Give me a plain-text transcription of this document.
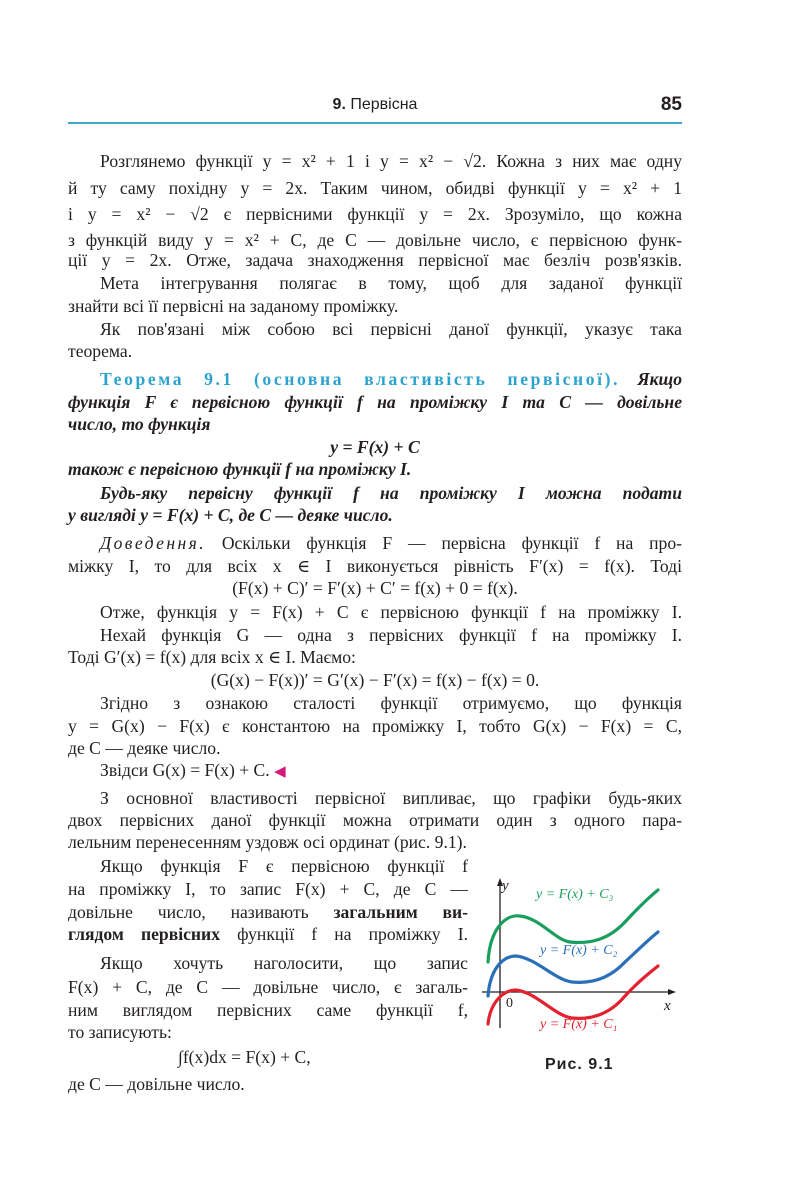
9. Первісна	85
Розглянемо функції y = x² + 1 і y = x² − √2. Кожна з них має одну
й ту саму похідну y = 2x. Таким чином, обидві функції y = x² + 1
і y = x² − √2 є первісними функції y = 2x. Зрозуміло, що кожна
з функцій виду y = x² + C, де C — довільне число, є первісною функ-
ції y = 2x. Отже, задача знаходження первісної має безліч розв'язків.
Мета інтегрування полягає в тому, щоб для заданої функції
знайти всі її первісні на заданому проміжку.
Як пов'язані між собою всі первісні даної функції, указує така
теорема.
Теорема 9.1 (основна властивість первісної). Якщо
функція F є первісною функції f на проміжку I та C — довільне
число, то функція
y = F(x) + C
також є первісною функції f на проміжку I.
Будь-яку первісну функції f на проміжку I можна подати
у вигляді y = F(x) + C, де C — деяке число.
Доведення. Оскільки функція F — первісна функції f на про-
міжку I, то для всіх x ∈ I виконується рівність F′(x) = f(x). Тоді
(F(x) + C)′ = F′(x) + C′ = f(x) + 0 = f(x).
Отже, функція y = F(x) + C є первісною функції f на проміжку I.
Нехай функція G — одна з первісних функції f на проміжку I.
Тоді G′(x) = f(x) для всіх x ∈ I. Маємо:
(G(x) − F(x))′ = G′(x) − F′(x) = f(x) − f(x) = 0.
Згідно з ознакою сталості функції отримуємо, що функція
y = G(x) − F(x) є константою на проміжку I, тобто G(x) − F(x) = C,
де C — деяке число.
Звідси G(x) = F(x) + C. ◀
З основної властивості первісної випливає, що графіки будь-яких
двох первісних даної функції можна отримати один з одного пара-
лельним перенесенням уздовж осі ординат (рис. 9.1).
Якщо функція F є первісною функції f
на проміжку I, то запис F(x) + C, де C —
довільне число, називають загальним ви-
глядом первісних функції f на проміжку I.
Якщо хочуть наголосити, що запис
F(x) + C, де C — довільне число, є загаль-
ним виглядом первісних саме функції f,
то записують:
∫f(x)dx = F(x) + C,
де C — довільне число.
y
x
0
y = F(x) + C₃
y = F(x) + C₂
y = F(x) + C₁
Рис. 9.1
